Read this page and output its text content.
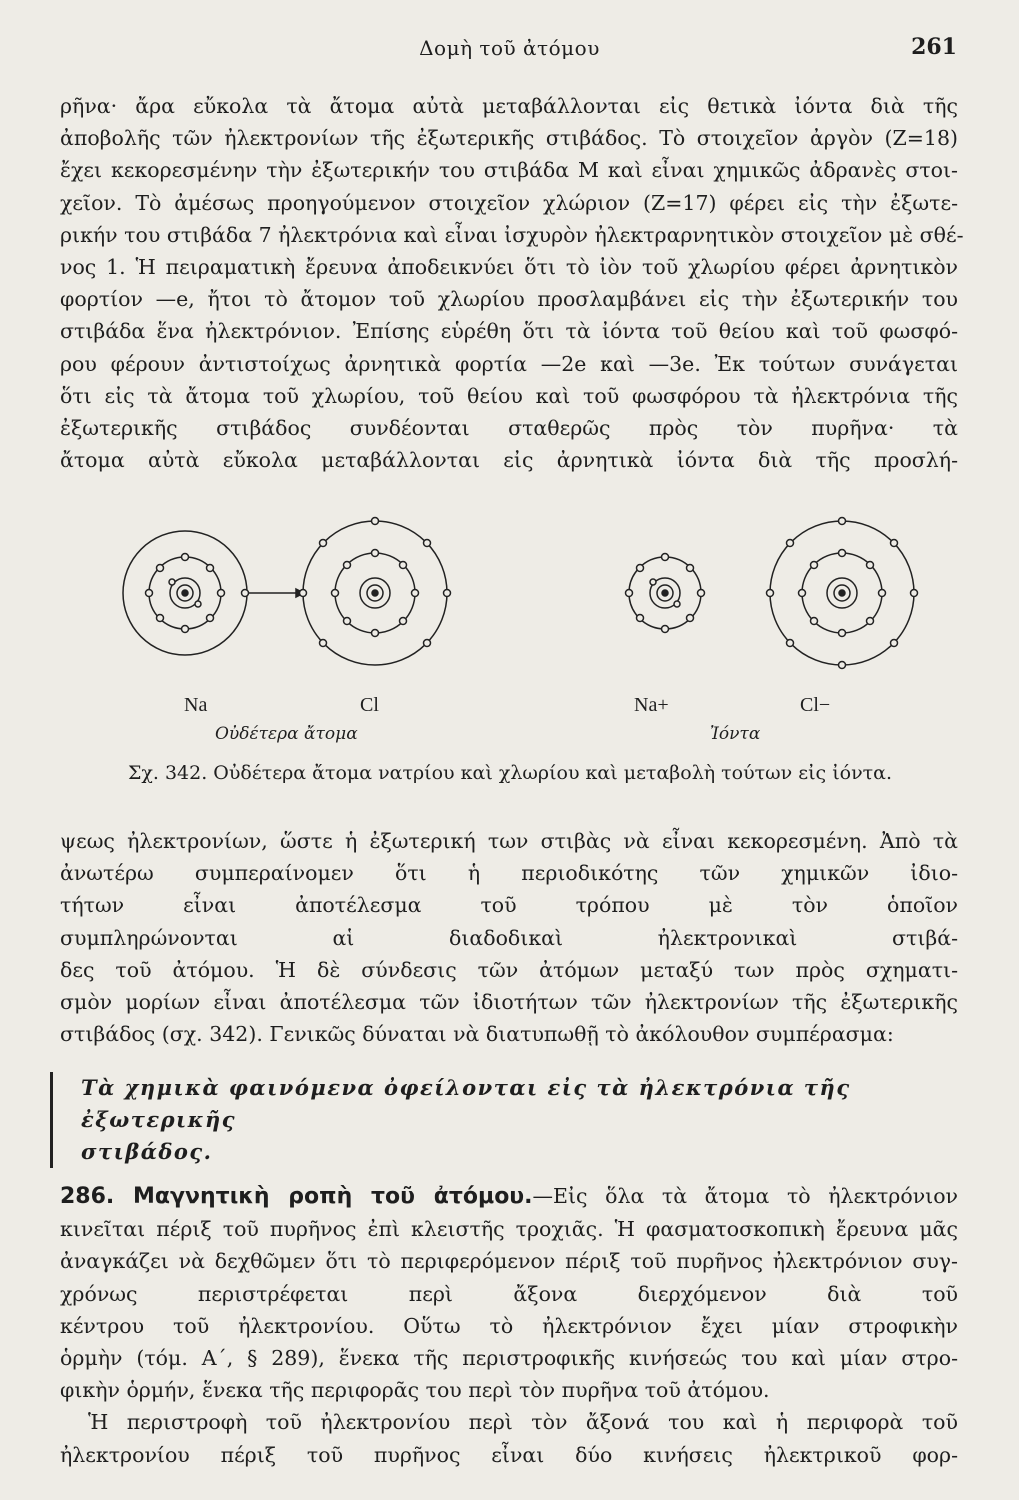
Δομὴ τοῦ ἀτόμου	261
ρῆνα· ἄρα εὔκολα τὰ ἄτομα αὐτὰ μεταβάλλονται εἰς θετικὰ ἰόντα διὰ τῆς
ἀποβολῆς τῶν ἠλεκτρονίων τῆς ἐξωτερικῆς στιβάδος. Τὸ στοιχεῖον ἀργὸν (Ζ=18)
ἔχει κεκορεσμένην τὴν ἐξωτερικήν του στιβάδα Μ καὶ εἶναι χημικῶς ἀδρανὲς στοι-
χεῖον. Τὸ ἀμέσως προηγούμενον στοιχεῖον χλώριον (Ζ=17) φέρει εἰς τὴν ἐξωτε-
ρικήν του στιβάδα 7 ἠλεκτρόνια καὶ εἶναι ἰσχυρὸν ἠλεκτραρνητικὸν στοιχεῖον μὲ σθέ-
νος 1. Ἡ πειραματικὴ ἔρευνα ἀποδεικνύει ὅτι τὸ ἰὸν τοῦ χλωρίου φέρει ἀρνητικὸν
φορτίον —e, ἤτοι τὸ ἄτομον τοῦ χλωρίου προσλαμβάνει εἰς τὴν ἐξωτερικήν του
στιβάδα ἕνα ἠλεκτρόνιον. Ἐπίσης εὑρέθη ὅτι τὰ ἰόντα τοῦ θείου καὶ τοῦ φωσφό-
ρου φέρουν ἀντιστοίχως ἀρνητικὰ φορτία —2e καὶ —3e. Ἐκ τούτων συνάγεται
ὅτι εἰς τὰ ἄτομα τοῦ χλωρίου, τοῦ θείου καὶ τοῦ φωσφόρου τὰ ἠλεκτρόνια τῆς
ἐξωτερικῆς στιβάδος συνδέονται σταθερῶς πρὸς τὸν πυρῆνα· τὰ
ἄτομα αὐτὰ εὔκολα μεταβάλλονται εἰς ἀρνητικὰ ἰόντα διὰ τῆς προσλή-
Na	Cl	Na+	Cl−
Οὐδέτερα ἄτομα	Ἰόντα
Σχ. 342. Οὐδέτερα ἄτομα νατρίου καὶ χλωρίου καὶ μεταβολὴ τούτων εἰς ἰόντα.
ψεως ἠλεκτρονίων, ὥστε ἡ ἐξωτερική των στιβὰς νὰ εἶναι κεκορεσμένη. Ἀπὸ τὰ
ἀνωτέρω συμπεραίνομεν ὅτι ἡ περιοδικότης τῶν χημικῶν ἰδιο-
τήτων εἶναι ἀποτέλεσμα τοῦ τρόπου μὲ τὸν ὁποῖον
συμπληρώνονται αἱ διαδοδικαὶ ἠλεκτρονικαὶ στιβά-
δες τοῦ ἀτόμου. Ἡ δὲ σύνδεσις τῶν ἀτόμων μεταξύ των πρὸς σχηματι-
σμὸν μορίων εἶναι ἀποτέλεσμα τῶν ἰδιοτήτων τῶν ἠλεκτρονίων τῆς ἐξωτερικῆς
στιβάδος (σχ. 342). Γενικῶς δύναται νὰ διατυπωθῇ τὸ ἀκόλουθον συμπέρασμα:
Τὰ χημικὰ φαινόμενα ὀφείλονται εἰς τὰ ἠλεκτρόνια τῆς ἐξωτερικῆς
στιβάδος.
286. Μαγνητικὴ ροπὴ τοῦ ἀτόμου.—Εἰς ὅλα τὰ ἄτομα τὸ ἠλεκτρόνιον
κινεῖται πέριξ τοῦ πυρῆνος ἐπὶ κλειστῆς τροχιᾶς. Ἡ φασματοσκοπικὴ ἔρευνα μᾶς
ἀναγκάζει νὰ δεχθῶμεν ὅτι τὸ περιφερόμενον πέριξ τοῦ πυρῆνος ἠλεκτρόνιον συγ-
χρόνως περιστρέφεται περὶ ἄξονα διερχόμενον διὰ τοῦ
κέντρου τοῦ ἠλεκτρονίου. Οὕτω τὸ ἠλεκτρόνιον ἔχει μίαν στροφικὴν
ὁρμὴν (τόμ. Α΄, § 289), ἕνεκα τῆς περιστροφικῆς κινήσεώς του καὶ μίαν στρο-
φικὴν ὁρμήν, ἕνεκα τῆς περιφορᾶς του περὶ τὸν πυρῆνα τοῦ ἀτόμου.
Ἡ περιστροφὴ τοῦ ἠλεκτρονίου περὶ τὸν ἄξονά του καὶ ἡ περιφορὰ τοῦ
ἠλεκτρονίου πέριξ τοῦ πυρῆνος εἶναι δύο κινήσεις ἠλεκτρικοῦ φορ-
